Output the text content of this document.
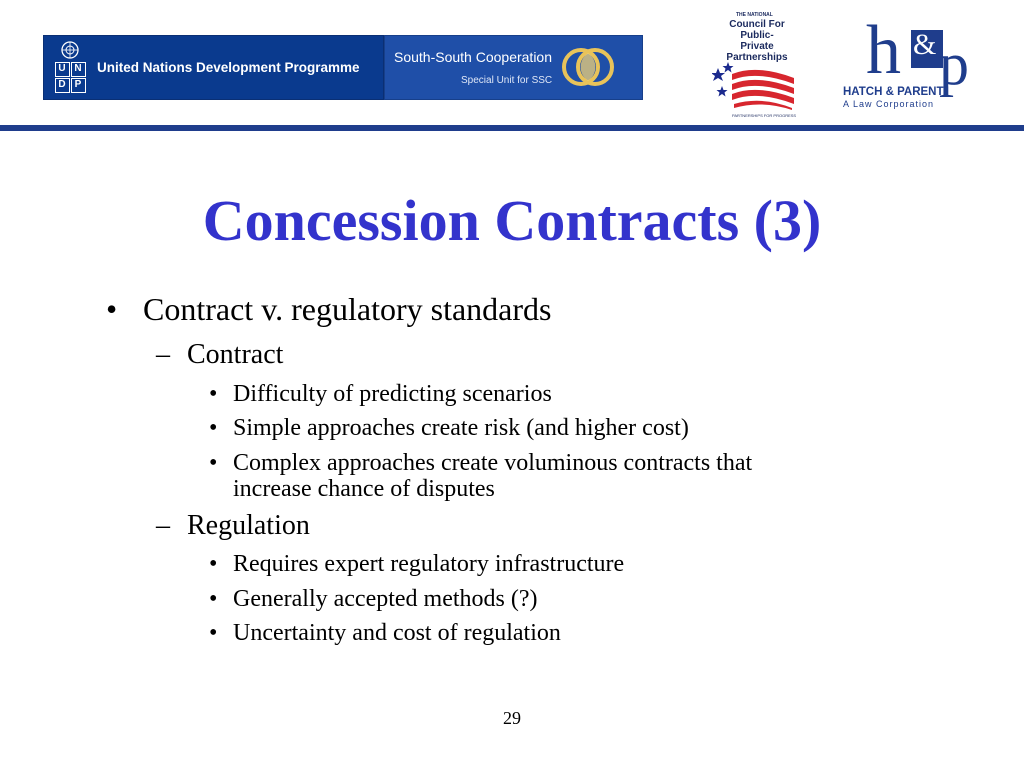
U N
D P
United Nations Development Programme
South-South Cooperation
Special Unit for SSC
THE NATIONAL
Council For Public-Private Partnerships
PARTNERSHIPS FOR PROGRESS
h & p
HATCH & PARENT
A Law Corporation
Concession Contracts (3)
• Contract v. regulatory standards
– Contract
• Difficulty of predicting scenarios
• Simple approaches create risk (and higher cost)
• Complex approaches create voluminous contracts that
increase chance of disputes
– Regulation
• Requires expert regulatory infrastructure
• Generally accepted methods (?)
• Uncertainty and cost of regulation
29
